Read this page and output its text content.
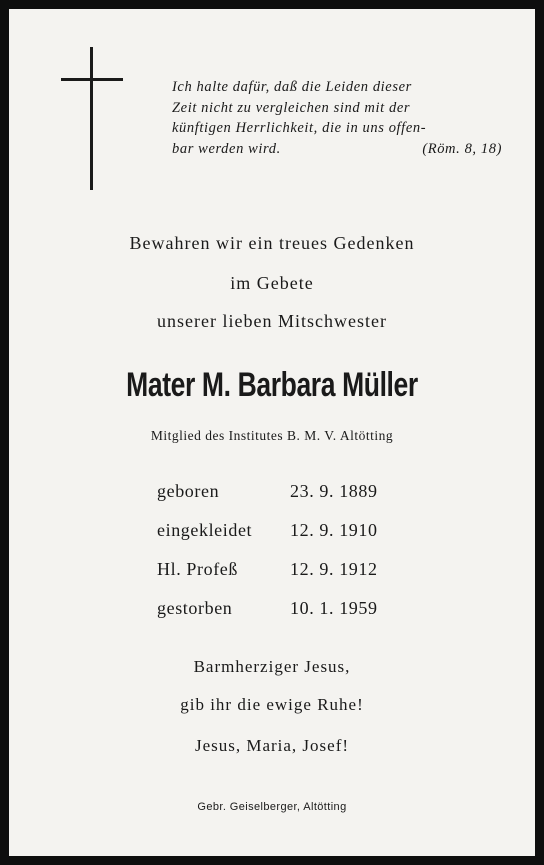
Ich halte dafür, daß die Leiden dieser
Zeit nicht zu vergleichen sind mit der
künftigen Herrlichkeit, die in uns offen-
bar werden wird.	(Röm. 8, 18)
Bewahren wir ein treues Gedenken
im Gebete
unserer lieben Mitschwester
Mater M. Barbara Müller
Mitglied des Institutes B. M. V. Altötting
geboren	23. 9. 1889
eingekleidet 12. 9. 1910
Hl. Profeß	12. 9. 1912
gestorben	10. 1. 1959
Barmherziger Jesus,
gib ihr die ewige Ruhe!
Jesus, Maria, Josef!
Gebr. Geiselberger, Altötting
